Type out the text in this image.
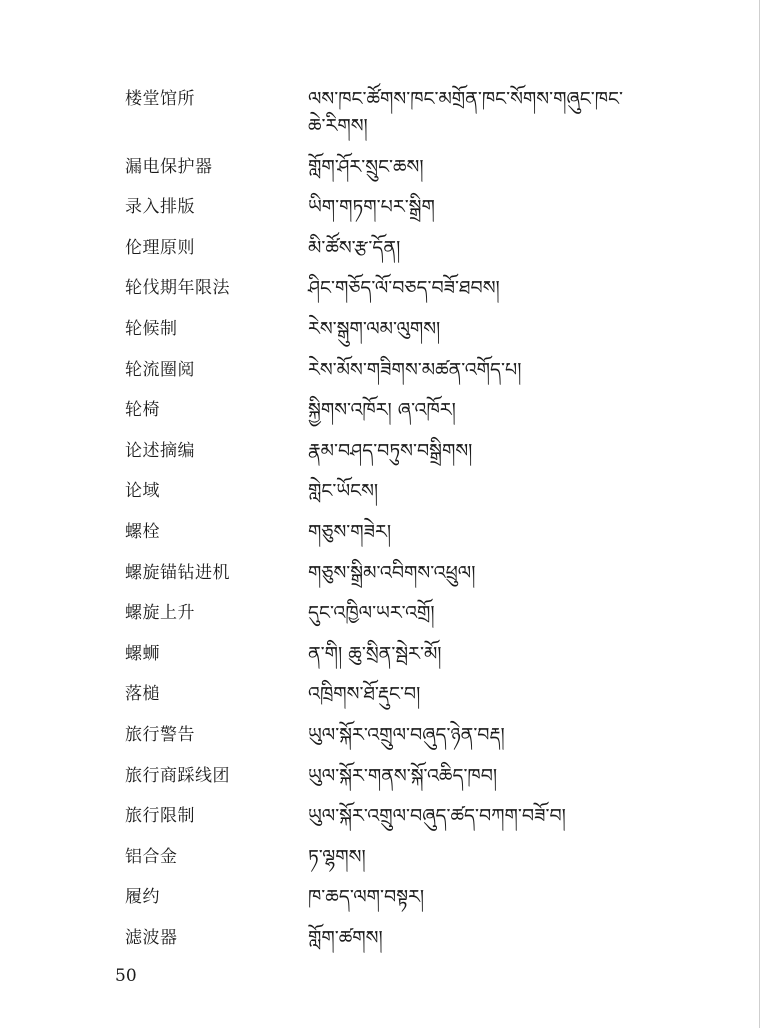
楼堂馆所	ལས་ཁང་ཚོགས་ཁང་མགྲོན་ཁང་སོགས་གཞུང་ཁང་ཆེ་རིགས།
漏电保护器	གློག་ཤོར་སྲུང་ཆས།
录入排版	ཡིག་གཏག་པར་སྒྲིག
伦理原则	མི་ཚོས་རྩ་དོན།
轮伐期年限法	ཤིང་གཅོད་ལོ་བཅད་བཟོ་ཐབས།
轮候制	རེས་སྒུག་ལམ་ལུགས།
轮流圈阅	རེས་མོས་གཟིགས་མཚན་འགོད་པ།
轮椅	སྐྱིགས་འཁོར། ཞ་འཁོར།
论述摘编	རྣམ་བཤད་བཏུས་བསྒྲིགས།
论域	གླེང་ཡོངས།
螺栓	གཅུས་གཟེར།
螺旋锚钻进机	གཅུས་སྒྲིམ་འབིགས་འཕྲུལ།
螺旋上升	དུང་འཁྱིལ་ཡར་འགྲོ།
螺蛳	ན་གི། ཆུ་སྲིན་སྦེར་མོ།
落槌	འཁྲིགས་ཐོ་རྡུང་བ།
旅行警告	ཡུལ་སྐོར་འགྲུལ་བཞུད་ཉེན་བརྡ།
旅行商踩线团	ཡུལ་སྐོར་གནས་སྐོ་འཆིད་ཁབ།
旅行限制	ཡུལ་སྐོར་འགྲུལ་བཞུད་ཚད་བཀག་བཟོ་བ།
铝合金	ཏ་ལྷགས།
履约	ཁ་ཆད་ལག་བསྟར།
滤波器	གློག་ཚགས།
50
